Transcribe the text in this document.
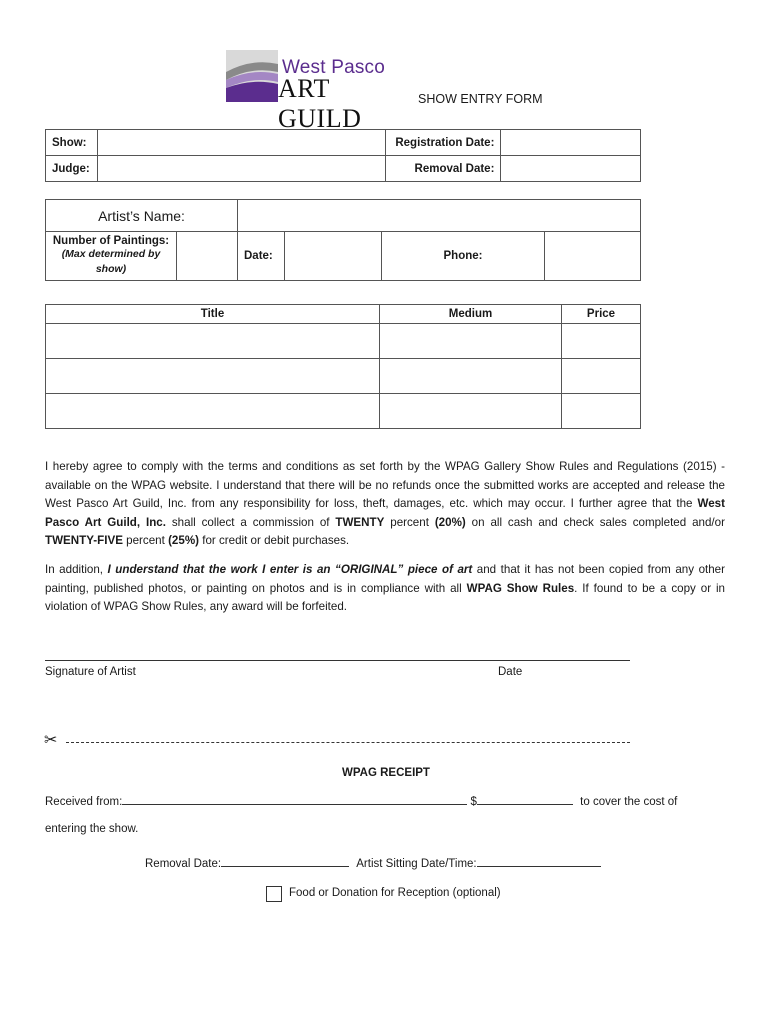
West Pasco
ART GUILD
SHOW ENTRY FORM
Show:		Registration Date:	
Judge:		Removal Date:	
Artist’s Name:					

Number of Paintings:
(Max determined by show)		Date:		Phone:	
Title	Medium	Price

I hereby agree to comply with the terms and conditions as set forth by the WPAG Gallery Show Rules and Regulations (2015) - available on the WPAG website. I understand that there will be no refunds once the submitted works are accepted and release the West Pasco Art Guild, Inc. from any responsibility for loss, theft, damages, etc. which may occur. I further agree that the West Pasco Art Guild, Inc. shall collect a commission of TWENTY percent (20%) on all cash and check sales completed and/or TWENTY-FIVE percent (25%) for credit or debit purchases.
In addition, I understand that the work I enter is an “ORIGINAL” piece of art and that it has not been copied from any other painting, published photos, or painting on photos and is in compliance with all WPAG Show Rules. If found to be a copy or in violation of WPAG Show Rules, any award will be forfeited.
Signature of Artist	Date
✂
WPAG RECEIPT
Received from:	$	to cover the cost of
entering the show.
Removal Date:	Artist Sitting Date/Time:
Food or Donation for Reception (optional)
